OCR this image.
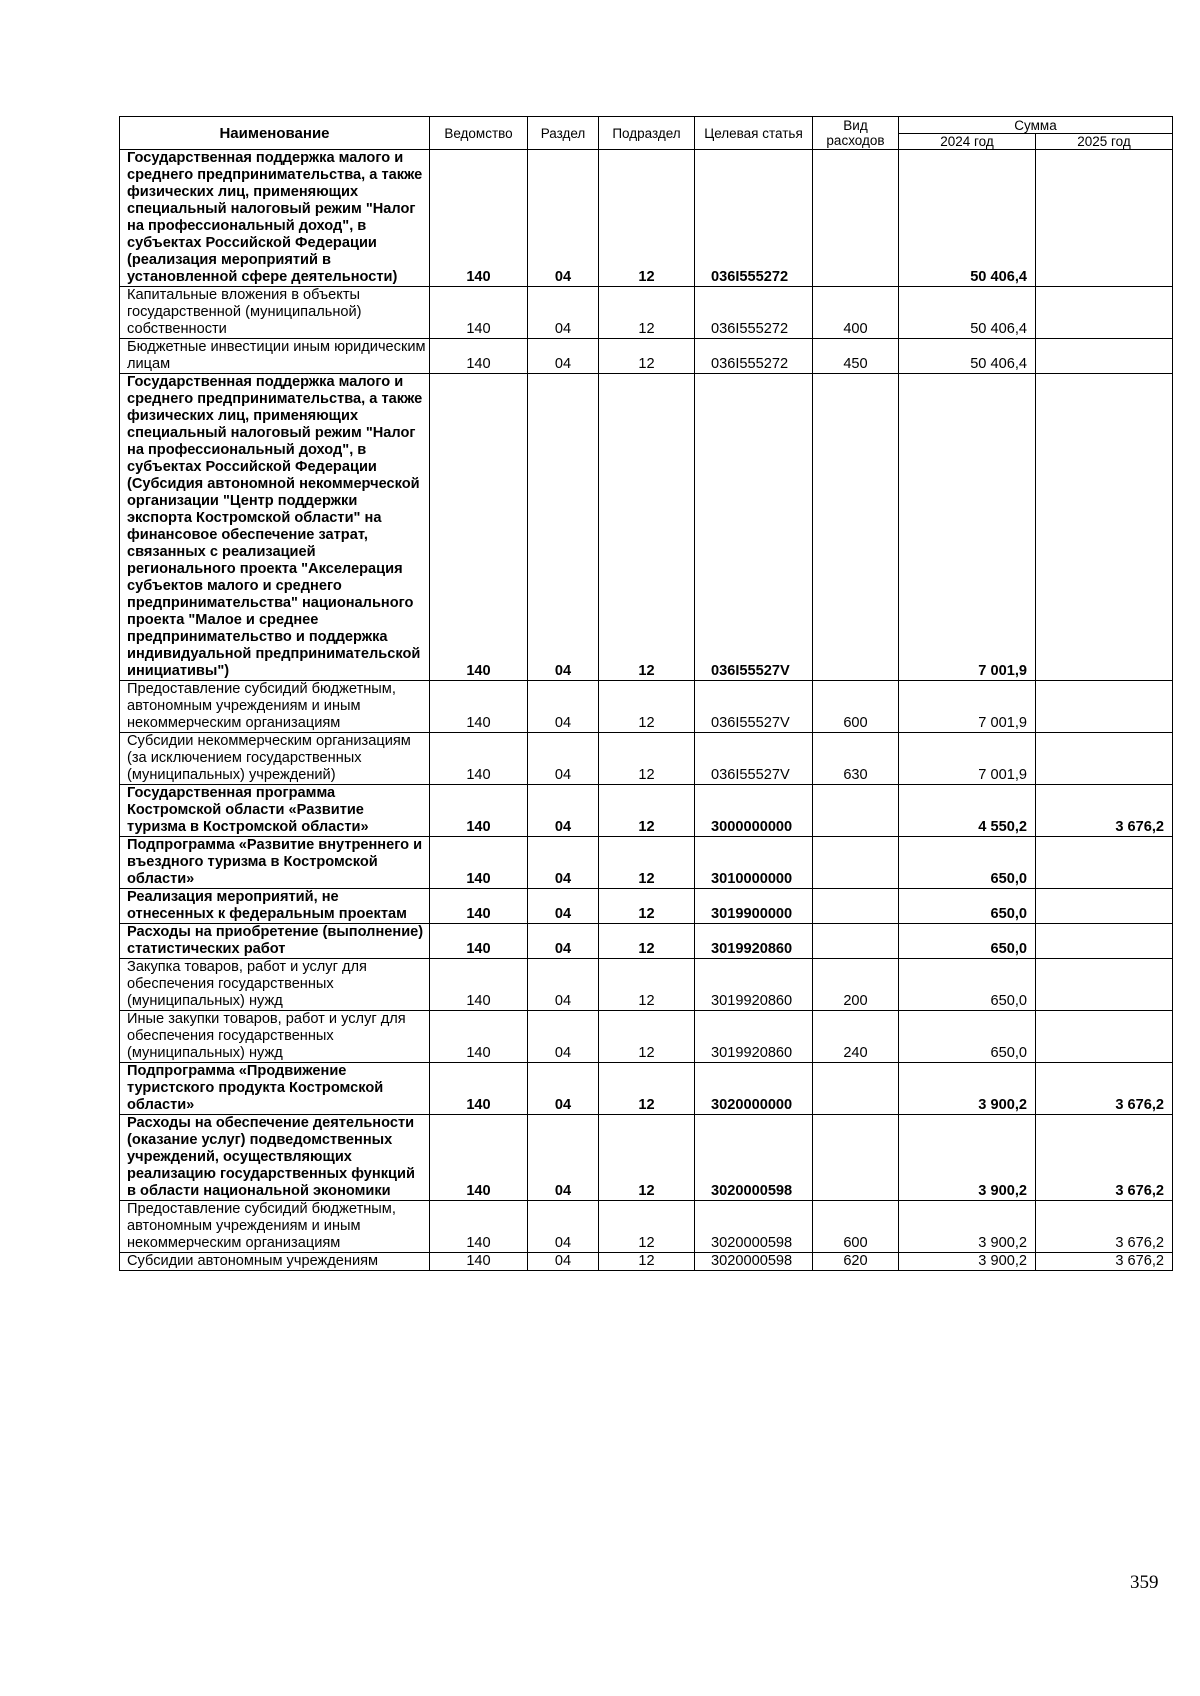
Наименование	Ведомство	Раздел	Подраздел	Целевая статья	Вид расходов	Сумма	
						2024 год	2025 год
Государственная поддержка малого и среднего предпринимательства, а также физических лиц, применяющих специальный налоговый режим "Налог на профессиональный доход", в субъектах Российской Федерации (реализация мероприятий в установленной сфере деятельности)	140	04	12	036I555272		50 406,4	
Капитальные вложения в объекты государственной (муниципальной) собственности	140	04	12	036I555272	400	50 406,4	
Бюджетные инвестиции иным юридическим лицам	140	04	12	036I555272	450	50 406,4	
Государственная поддержка малого и среднего предпринимательства, а также физических лиц, применяющих специальный налоговый режим "Налог на профессиональный доход", в субъектах Российской Федерации (Субсидия автономной некоммерческой организации "Центр поддержки экспорта Костромской области" на финансовое обеспечение затрат, связанных с реализацией регионального проекта "Акселерация субъектов малого и среднего предпринимательства" национального проекта "Малое и среднее предпринимательство и поддержка индивидуальной предпринимательской инициативы")	140	04	12	036I55527V		7 001,9	
Предоставление субсидий бюджетным, автономным учреждениям и иным некоммерческим организациям	140	04	12	036I55527V	600	7 001,9	
Субсидии некоммерческим организациям (за исключением государственных (муниципальных) учреждений)	140	04	12	036I55527V	630	7 001,9	
Государственная программа Костромской области «Развитие туризма в Костромской области»	140	04	12	3000000000		4 550,2	3 676,2
Подпрограмма «Развитие внутреннего и въездного туризма в Костромской области»	140	04	12	3010000000		650,0	
Реализация мероприятий, не отнесенных к федеральным проектам	140	04	12	3019900000		650,0	
Расходы на приобретение (выполнение) статистических работ	140	04	12	3019920860		650,0	
Закупка товаров, работ и услуг для обеспечения государственных (муниципальных) нужд	140	04	12	3019920860	200	650,0	
Иные закупки товаров, работ и услуг для обеспечения государственных (муниципальных) нужд	140	04	12	3019920860	240	650,0	
Подпрограмма «Продвижение туристского продукта Костромской области»	140	04	12	3020000000		3 900,2	3 676,2
Расходы на обеспечение деятельности (оказание услуг) подведомственных учреждений, осуществляющих реализацию государственных функций в области национальной экономики	140	04	12	3020000598		3 900,2	3 676,2
Предоставление субсидий бюджетным, автономным учреждениям и иным некоммерческим организациям	140	04	12	3020000598	600	3 900,2	3 676,2
Субсидии автономным учреждениям	140	04	12	3020000598	620	3 900,2	3 676,2
359
